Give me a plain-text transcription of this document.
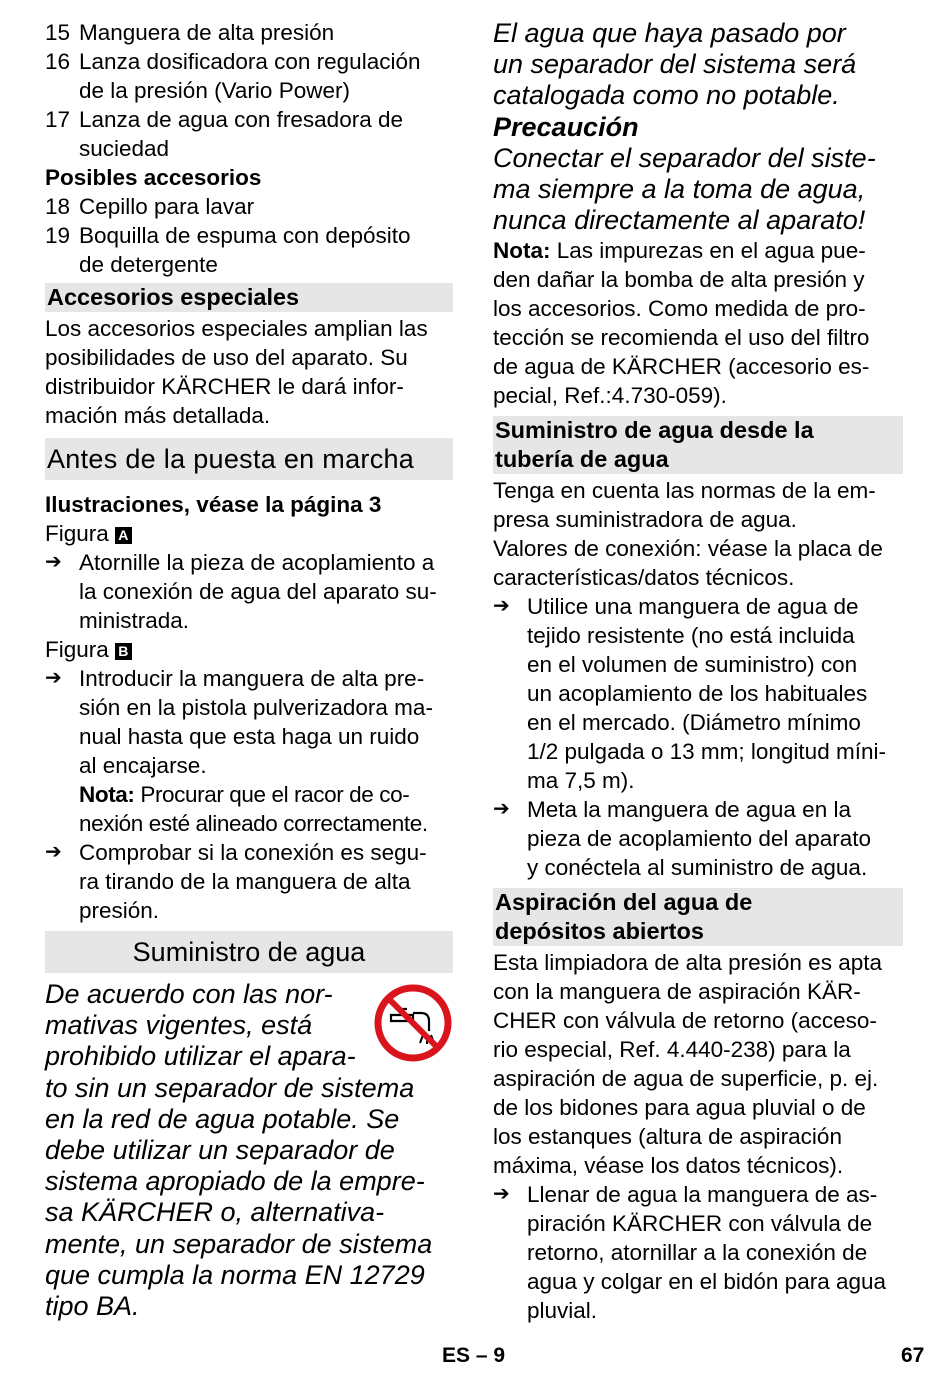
15 Manguera de alta presión
16 Lanza dosificadora con regulación
de la presión (Vario Power)
17 Lanza de agua con fresadora de
suciedad

Posibles accesorios

18 Cepillo para lavar
19 Boquilla de espuma con depósito
de detergente
Accesorios especiales

Los accesorios especiales amplian las

posibilidades de uso del aparato. Su

distribuidor KÄRCHER le dará infor-

mación más detallada.

Antes de la puesta en marcha

Ilustraciones, véase la página 3

Figura A

➔ Atornille la pieza de acoplamiento a
la conexión de agua del aparato su-
ministrada.

Figura B

➔ Introducir la manguera de alta pre-
sión en la pistola pulverizadora ma-
nual hasta que esta haga un ruido
al encajarse.
Nota: Procurar que el racor de co-
nexión esté alineado correctamente.
➔ Comprobar si la conexión es segu-
ra tirando de la manguera de alta
presión.
Suministro de agua
De acuerdo con las nor-
mativas vigentes, está
prohibido utilizar el apara-
to sin un separador de sistema
en la red de agua potable. Se
debe utilizar un separador de
sistema apropiado de la empre-
sa KÄRCHER o, alternativa-
mente, un separador de sistema
que cumpla la norma EN 12729
tipo BA.
El agua que haya pasado por
un separador del sistema será
catalogada como no potable.
Precaución
Conectar el separador del siste-
ma siempre a la toma de agua,
nunca directamente al aparato!

Nota: Las impurezas en el agua pue-

den dañar la bomba de alta presión y

los accesorios. Como medida de pro-

tección se recomienda el uso del filtro

de agua de KÄRCHER (accesorio es-

pecial, Ref.:4.730-059).

Suministro de agua desde la
tubería de agua

Tenga en cuenta las normas de la em-

presa suministradora de agua.

Valores de conexión: véase la placa de

características/datos técnicos.

➔ Utilice una manguera de agua de
tejido resistente (no está incluida
en el volumen de suministro) con
un acoplamiento de los habituales
en el mercado. (Diámetro mínimo
1/2 pulgada o 13 mm; longitud míni-
ma 7,5 m).
➔ Meta la manguera de agua en la
pieza de acoplamiento del aparato
y conéctela al suministro de agua.
Aspiración del agua de
depósitos abiertos

Esta limpiadora de alta presión es apta

con la manguera de aspiración KÄR-

CHER con válvula de retorno (acceso-

rio especial, Ref. 4.440-238) para la

aspiración de agua de superficie, p. ej.

de los bidones para agua pluvial o de

los estanques (altura de aspiración

máxima, véase los datos técnicos).

➔ Llenar de agua la manguera de as-
piración KÄRCHER con válvula de
retorno, atornillar a la conexión de
agua y colgar en el bidón para agua
pluvial.
ES – 9	67
